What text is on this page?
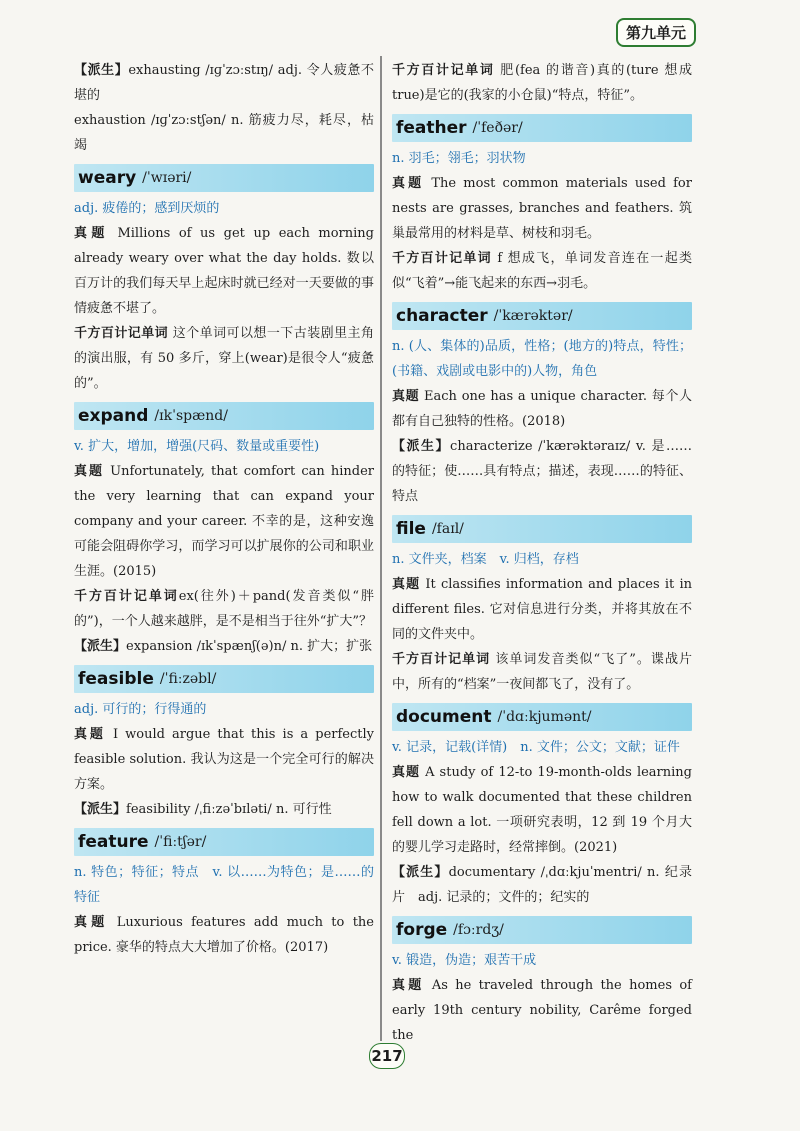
第九单元

【派生】exhausting /ɪɡˈzɔːstɪŋ/ adj. 令人疲惫不堪的

exhaustion /ɪɡˈzɔːstʃən/ n. 筋疲力尽，耗尽，枯竭

weary /ˈwɪəri/

adj. 疲倦的；感到厌烦的

真题 Millions of us get up each morning already weary over what the day holds. 数以百万计的我们每天早上起床时就已经对一天要做的事情疲惫不堪了。

千方百计记单词 这个单词可以想一下古装剧里主角的演出服，有 50 多斤，穿上(wear)是很令人“疲惫的”。

expand /ɪkˈspænd/

v. 扩大，增加，增强(尺码、数量或重要性)

真题 Unfortunately, that comfort can hinder the very learning that can expand your company and your career. 不幸的是，这种安逸可能会阻碍你学习，而学习可以扩展你的公司和职业生涯。(2015)

千方百计记单词ex(往外)＋pand(发音类似“胖的”)，一个人越来越胖，是不是相当于往外“扩大”？

【派生】expansion /ɪkˈspænʃ(ə)n/ n. 扩大；扩张

feasible /ˈfiːzəbl/

adj. 可行的；行得通的

真题 I would argue that this is a perfectly feasible solution. 我认为这是一个完全可行的解决方案。

【派生】feasibility /ˌfiːzəˈbɪləti/ n. 可行性

feature /ˈfiːtʃər/

n. 特色；特征；特点　v. 以……为特色；是……的特征

真题 Luxurious features add much to the price. 豪华的特点大大增加了价格。(2017)

千方百计记单词 肥(fea 的谐音)真的(ture 想成 true)是它的(我家的小仓鼠)“特点，特征”。

feather /ˈfeðər/

n. 羽毛；翎毛；羽状物

真题 The most common materials used for nests are grasses, branches and feathers. 筑巢最常用的材料是草、树枝和羽毛。

千方百计记单词 f 想成飞，单词发音连在一起类似“飞着”→能飞起来的东西→羽毛。

character /ˈkærəktər/

n. (人、集体的)品质，性格；(地方的)特点，特性；(书籍、戏剧或电影中的)人物，角色

真题 Each one has a unique character. 每个人都有自己独特的性格。(2018)

【派生】characterize /ˈkærəktəraɪz/ v. 是……的特征；使……具有特点；描述，表现……的特征、特点

file /faɪl/

n. 文件夹，档案　v. 归档，存档

真题 It classifies information and places it in different files. 它对信息进行分类，并将其放在不同的文件夹中。

千方百计记单词 该单词发音类似“飞了”。谍战片中，所有的“档案”一夜间都飞了，没有了。

document /ˈdɑːkjumənt/

v. 记录，记载(详情)　n. 文件；公文；文献；证件

真题 A study of 12-to 19-month-olds learning how to walk documented that these children fell down a lot. 一项研究表明，12 到 19 个月大的婴儿学习走路时，经常摔倒。(2021)

【派生】documentary /ˌdɑːkjuˈmentri/ n. 纪录片　adj. 记录的；文件的；纪实的

forge /fɔːrdʒ/

v. 锻造，伪造；艰苦干成

真题 As he traveled through the homes of early 19th century nobility, Carême forged the

217
